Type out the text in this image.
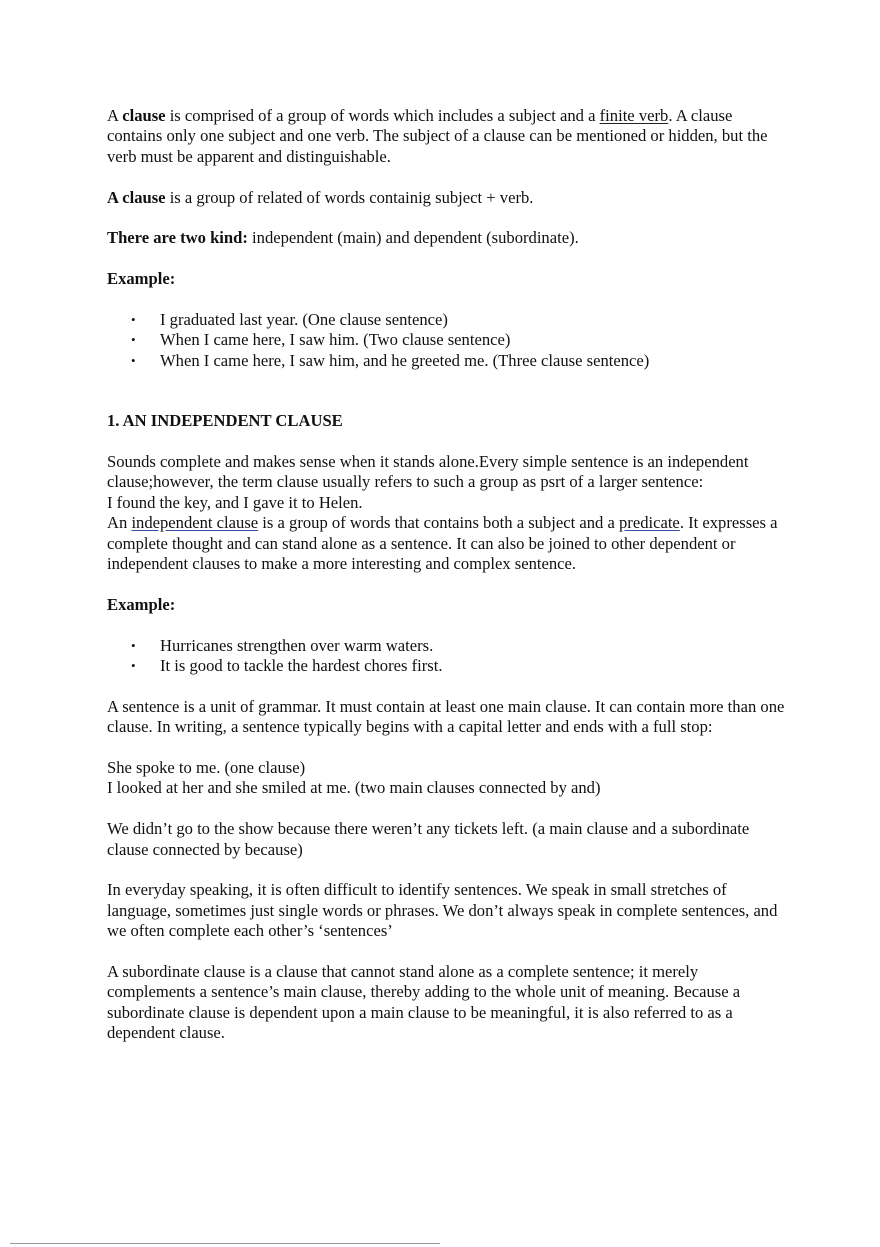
A clause is comprised of a group of words which includes a subject and a finite verb. A clause contains only one subject and one verb. The subject of a clause can be mentioned or hidden, but the verb must be apparent and distinguishable.

A clause is a group of related of words containig subject + verb.

There are two kind: independent (main) and dependent (subordinate).

Example:

• I graduated last year. (One clause sentence)
• When I came here, I saw him. (Two clause sentence)
• When I came here, I saw him, and he greeted me. (Three clause sentence)

1. AN INDEPENDENT CLAUSE

Sounds complete and makes sense when it stands alone.Every simple sentence is an independent clause;however, the term clause usually refers to such a group as psrt of a larger sentence:

I found the key, and I gave it to Helen.

An independent clause is a group of words that contains both a subject and a predicate. It expresses a complete thought and can stand alone as a sentence. It can also be joined to other dependent or independent clauses to make a more interesting and complex sentence.

Example:

• Hurricanes strengthen over warm waters.
• It is good to tackle the hardest chores first.

A sentence is a unit of grammar. It must contain at least one main clause. It can contain more than one clause. In writing, a sentence typically begins with a capital letter and ends with a full stop:

She spoke to me. (one clause)

I looked at her and she smiled at me. (two main clauses connected by and)

We didn’t go to the show because there weren’t any tickets left. (a main clause and a subordinate clause connected by because)

In everyday speaking, it is often difficult to identify sentences. We speak in small stretches of language, sometimes just single words or phrases. We don’t always speak in complete sentences, and we often complete each other’s ‘sentences’

A subordinate clause is a clause that cannot stand alone as a complete sentence; it merely complements a sentence’s main clause, thereby adding to the whole unit of meaning. Because a subordinate clause is dependent upon a main clause to be meaningful, it is also referred to as a dependent clause.
